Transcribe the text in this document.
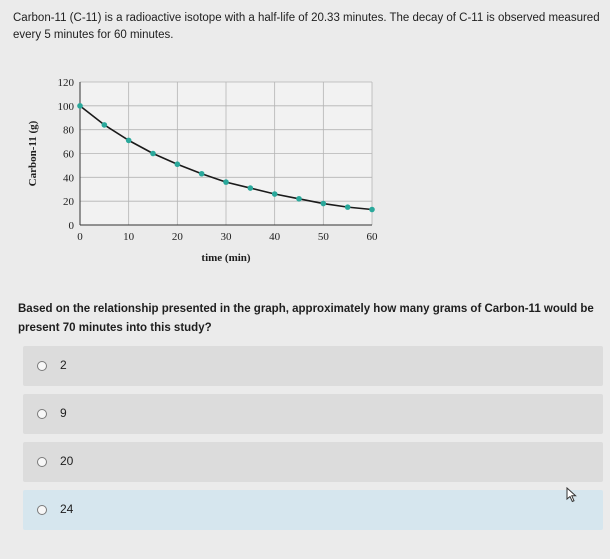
Carbon-11 (C-11) is a radioactive isotope with a half-life of 20.33 minutes. The decay of C-11 is observed measured every 5 minutes for 60 minutes.
0	10	20	30	40	50	60
0
20
40
60
80
100
120
time (min)
Carbon-11 (g)
Based on the relationship presented in the graph, approximately how many grams of Carbon-11 would be present 70 minutes into this study?
2
9
20
24
